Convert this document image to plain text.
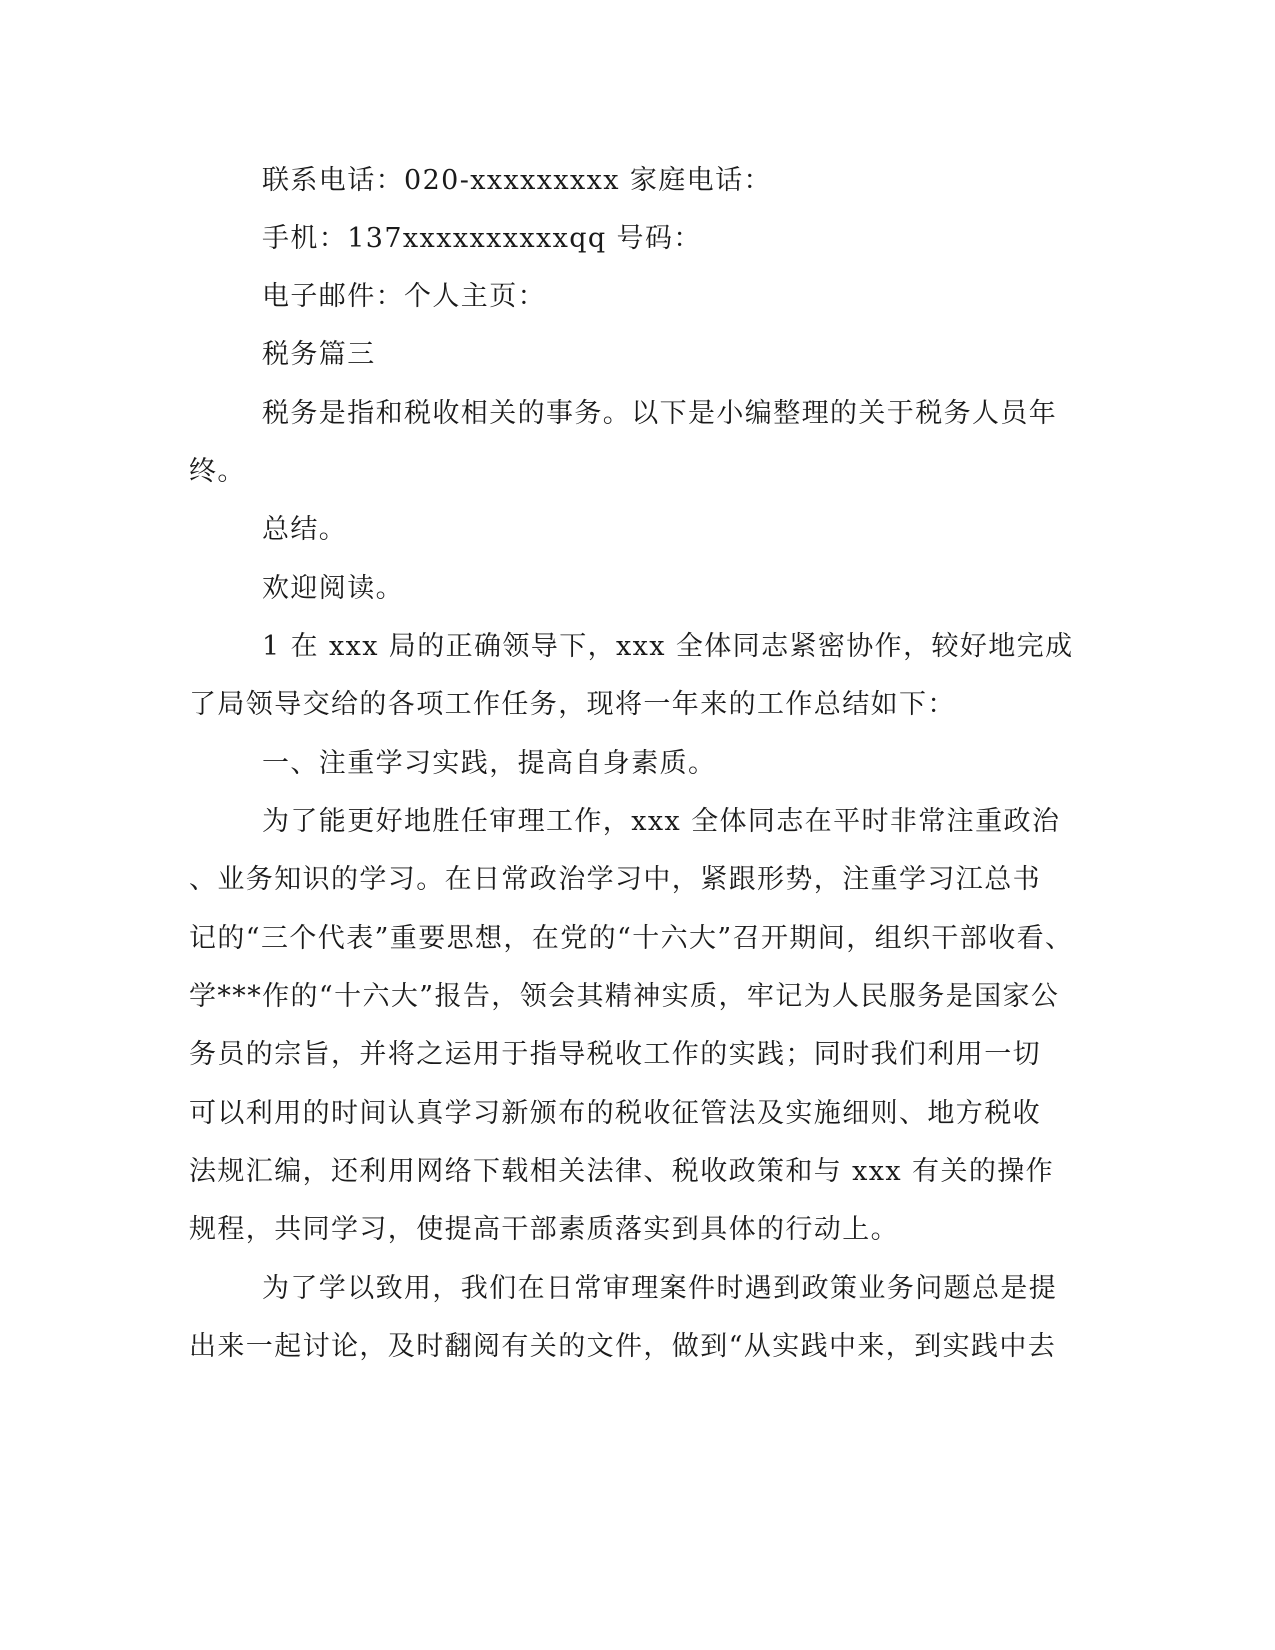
联系电话：020-xxxxxxxxx 家庭电话：
手机：137xxxxxxxxxxqq 号码：
电子邮件：个人主页：
税务篇三
税务是指和税收相关的事务。以下是小编整理的关于税务人员年
终。
总结。
欢迎阅读。
1 在 xxx 局的正确领导下，xxx 全体同志紧密协作，较好地完成
了局领导交给的各项工作任务，现将一年来的工作总结如下：
一、注重学习实践，提高自身素质。
为了能更好地胜任审理工作，xxx 全体同志在平时非常注重政治
、业务知识的学习。在日常政治学习中，紧跟形势，注重学习江总书
记的“三个代表”重要思想，在党的“十六大”召开期间，组织干部收看、
学***作的“十六大”报告，领会其精神实质，牢记为人民服务是国家公
务员的宗旨，并将之运用于指导税收工作的实践；同时我们利用一切
可以利用的时间认真学习新颁布的税收征管法及实施细则、地方税收
法规汇编，还利用网络下载相关法律、税收政策和与 xxx 有关的操作
规程，共同学习，使提高干部素质落实到具体的行动上。
为了学以致用，我们在日常审理案件时遇到政策业务问题总是提
出来一起讨论，及时翻阅有关的文件，做到“从实践中来，到实践中去
